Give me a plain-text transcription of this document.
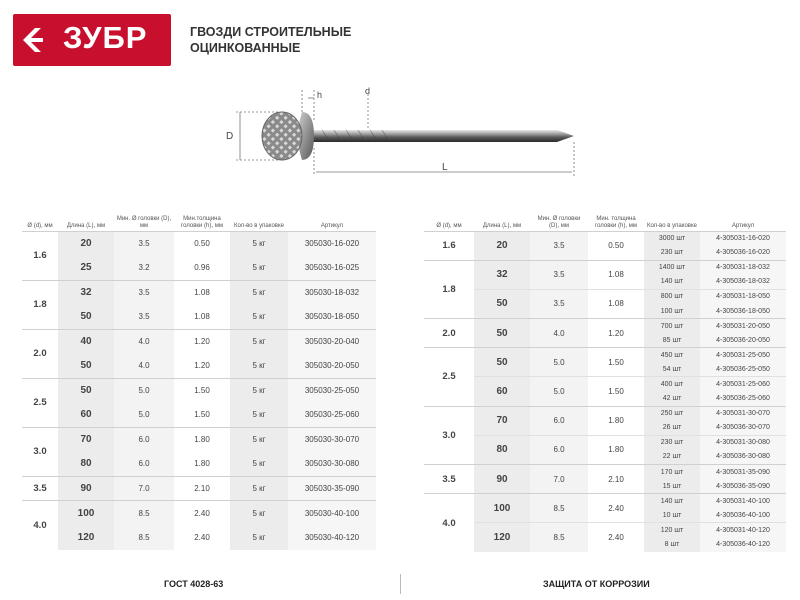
ЗУБР	ГВОЗДИ СТРОИТЕЛЬНЫЕ
ОЦИНКОВАННЫЕ
D
h	d
L
Ø (d), мм	Длина (L), мм	Мин. Ø головки (D), мм	Мин.толщина головки (h), мм	Кол-во в упаковке	Артикул
1.6	20	3.5	0.50	5 кг	305030-16-020
	25	3.2	0.96	5 кг	305030-16-025
1.8	32	3.5	1.08	5 кг	305030-18-032
	50	3.5	1.08	5 кг	305030-18-050
2.0	40	4.0	1.20	5 кг	305030-20-040
	50	4.0	1.20	5 кг	305030-20-050
2.5	50	5.0	1.50	5 кг	305030-25-050
	60	5.0	1.50	5 кг	305030-25-060
3.0	70	6.0	1.80	5 кг	305030-30-070
	80	6.0	1.80	5 кг	305030-30-080
3.5	90	7.0	2.10	5 кг	305030-35-090
4.0	100	8.5	2.40	5 кг	305030-40-100
	120	8.5	2.40	5 кг	305030-40-120
Ø (d), мм	Длина (L), мм	Мин. Ø головки (D), мм	Мин. толщина головки (h), мм	Кол-во в упаковке	Артикул
1.6	20	3.5	0.50	3000 шт	4-305031-16-020
				230 шт	4-305036-16-020
1.8	32	3.5	1.08	1400 шт	4-305031-18-032
				140 шт	4-305036-18-032
	50	3.5	1.08	800 шт	4-305031-18-050
				100 шт	4-305036-18-050
2.0	50	4.0	1.20	700 шт	4-305031-20-050
				85 шт	4-305036-20-050
2.5	50	5.0	1.50	450 шт	4-305031-25-050
				54 шт	4-305036-25-050
	60	5.0	1.50	400 шт	4-305031-25-060
				42 шт	4-305036-25-060
3.0	70	6.0	1.80	250 шт	4-305031-30-070
				26 шт	4-305036-30-070
	80	6.0	1.80	230 шт	4-305031-30-080
				22 шт	4-305036-30-080
3.5	90	7.0	2.10	170 шт	4-305031-35-090
				15 шт	4-305036-35-090
4.0	100	8.5	2.40	140 шт	4-305031-40-100
				10 шт	4-305036-40-100
	120	8.5	2.40	120 шт	4-305031-40-120
				8 шт	4-305036-40-120
ГОСТ 4028-63	ЗАЩИТА ОТ КОРРОЗИИ
